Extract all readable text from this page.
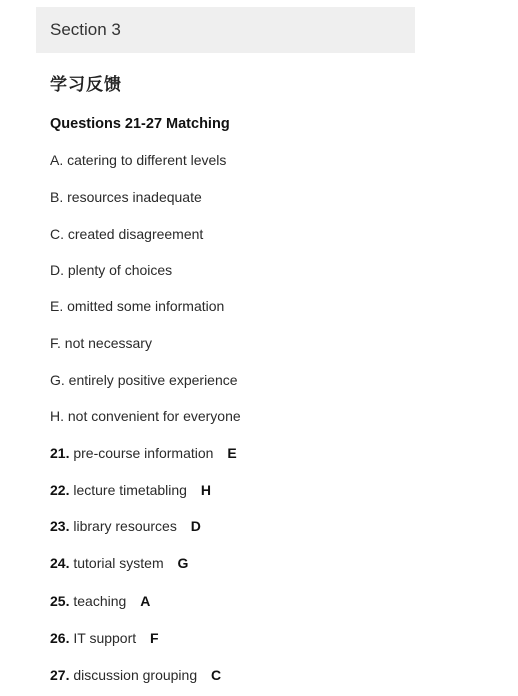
Section 3
学习反馈
Questions 21-27 Matching
A. catering to different levels
B. resources inadequate
C. created disagreement
D. plenty of choices
E. omitted some information
F. not necessary
G. entirely positive experience
H. not convenient for everyone
21. pre-course information E
22. lecture timetabling H
23. library resources D
24. tutorial system G
25. teaching A
26. IT support F
27. discussion grouping C
